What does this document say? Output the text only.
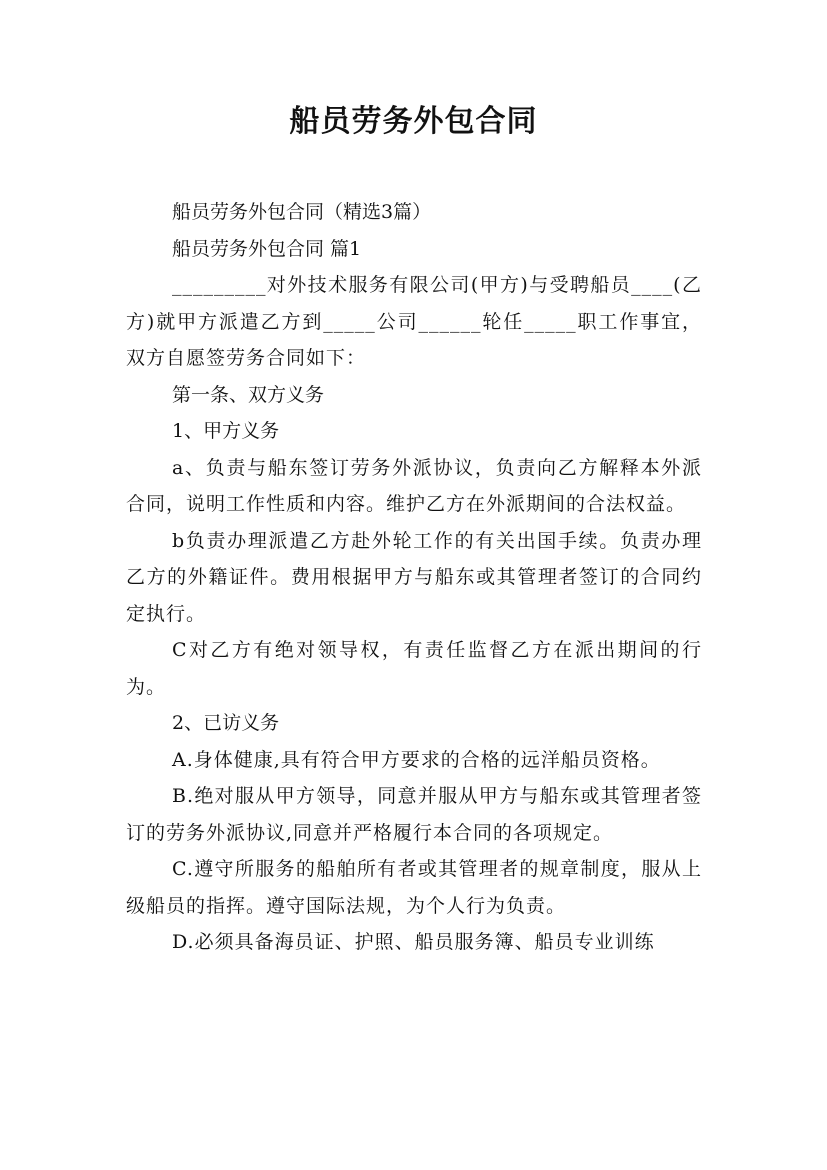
船员劳务外包合同

船员劳务外包合同（精选3篇）

船员劳务外包合同 篇1

_________对外技术服务有限公司(甲方)与受聘船员____(乙方)就甲方派遣乙方到_____公司______轮任_____职工作事宜，双方自愿签劳务合同如下：

第一条、双方义务

1、甲方义务

a、负责与船东签订劳务外派协议，负责向乙方解释本外派合同，说明工作性质和内容。维护乙方在外派期间的合法权益。

b负责办理派遣乙方赴外轮工作的有关出国手续。负责办理乙方的外籍证件。费用根据甲方与船东或其管理者签订的合同约定执行。

C对乙方有绝对领导权，有责任监督乙方在派出期间的行为。

2、已访义务

A.身体健康,具有符合甲方要求的合格的远洋船员资格。

B.绝对服从甲方领导，同意并服从甲方与船东或其管理者签订的劳务外派协议,同意并严格履行本合同的各项规定。

C.遵守所服务的船舶所有者或其管理者的规章制度，服从上级船员的指挥。遵守国际法规，为个人行为负责。

D.必须具备海员证、护照、船员服务簿、船员专业训练
